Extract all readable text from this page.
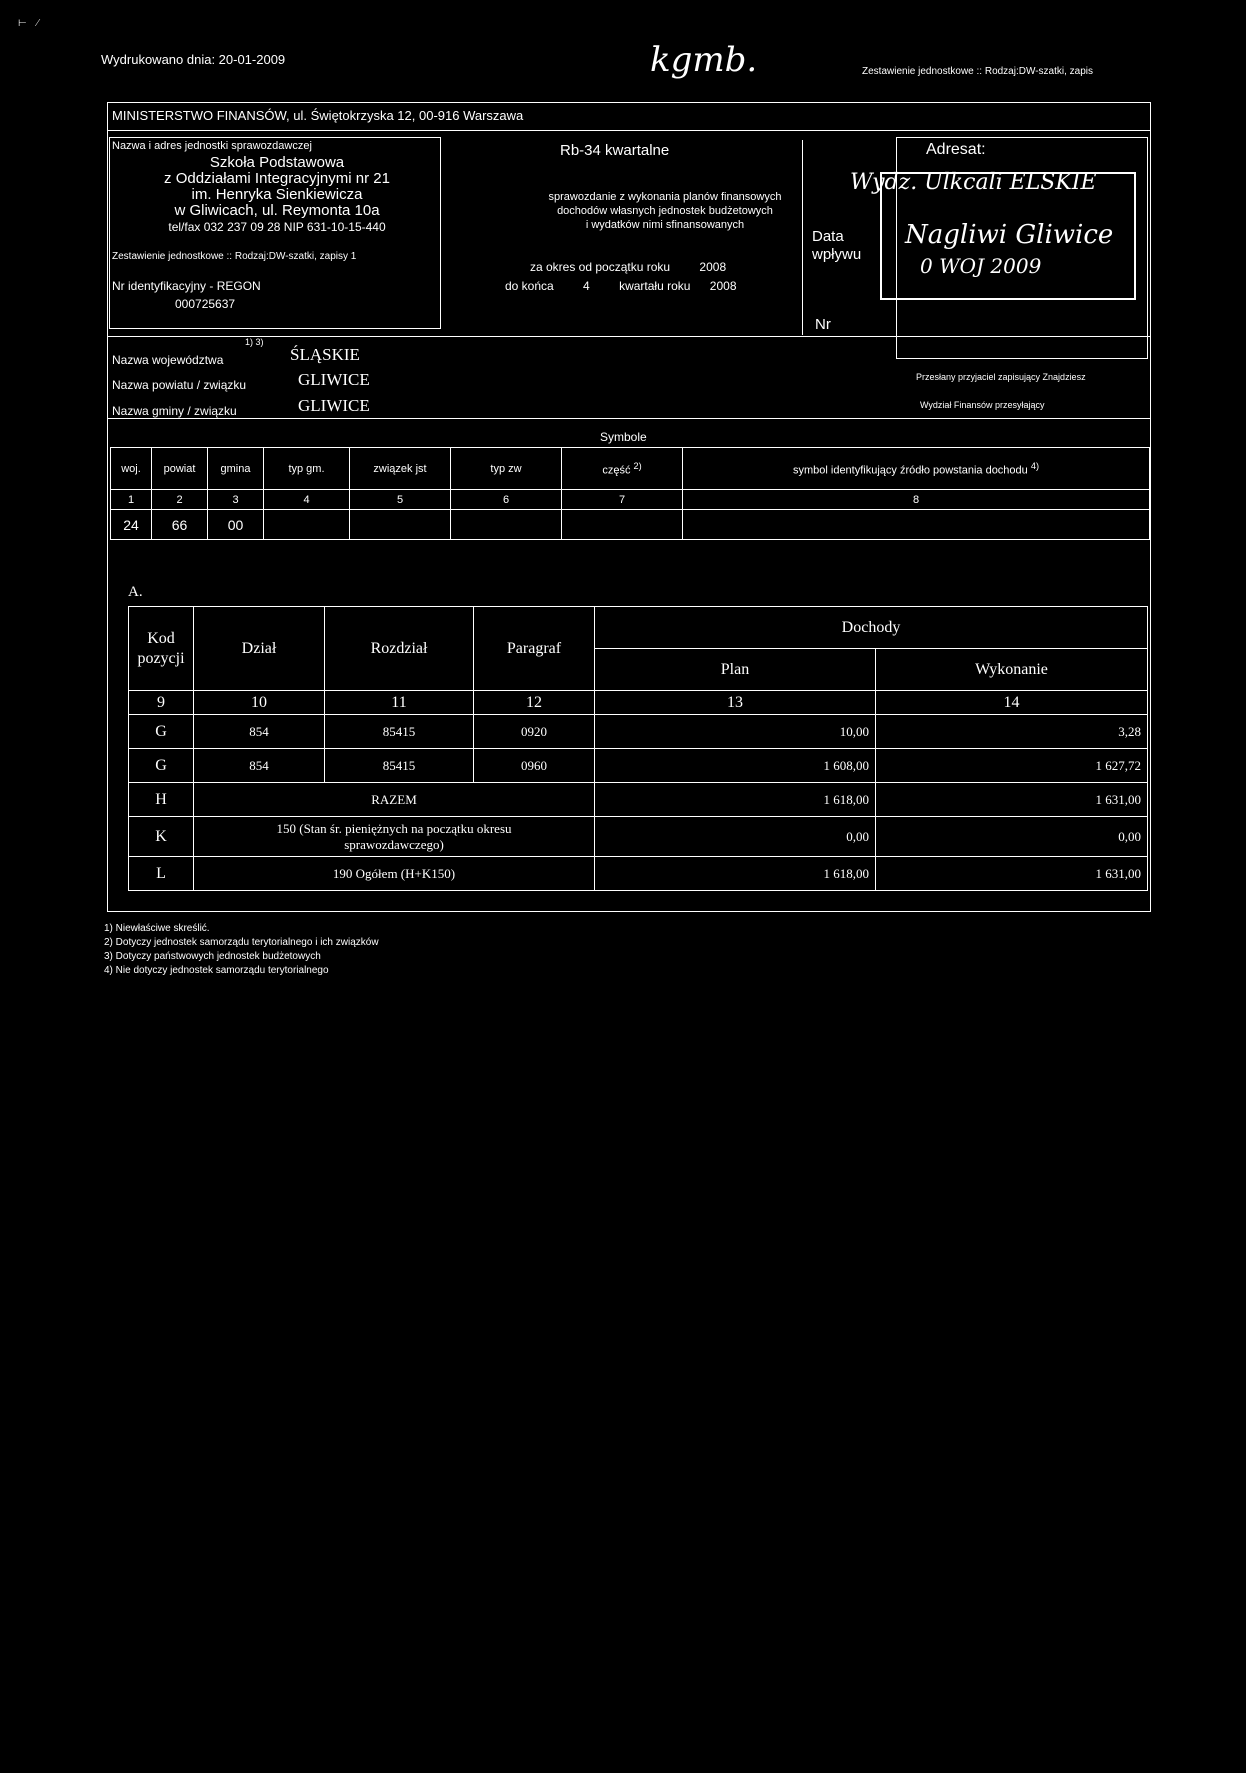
⊢    ⁄
Wydrukowano dnia: 20-01-2009	kgmb.	Zestawienie jednostkowe :: Rodzaj:DW-szatki, zapis
MINISTERSTWO FINANSÓW, ul. Świętokrzyska 12, 00-916 Warszawa
Nazwa i adres jednostki sprawozdawczej
Szkoła Podstawowa
z Oddziałami Integracyjnymi nr 21
im. Henryka Sienkiewicza
w Gliwicach, ul. Reymonta 10a
tel/fax 032 237 09 28 NIP 631-10-15-440
Zestawienie jednostkowe :: Rodzaj:DW-szatki, zapisy 1
Nr identyfikacyjny - REGON
000725637
Rb-34 kwartalne
sprawozdanie z wykonania planów finansowych
dochodów własnych jednostek budżetowych
i wydatków nimi sfinansowanych
za okres od początku roku 2008
do końca 4 kwartału roku 2008
Data
wpływu
Nr
Adresat:
Wydz. Ulkcali ELSKIE
0 WOJ 2009
Nagliwi Gliwice
Przesłany przyjaciel zapisujący Znajdziesz
Wydział Finansów przesyłający
Nazwa województwa
1) 3)
ŚLĄSKIE
Nazwa powiatu / związku	GLIWICE
Nazwa gminy / związku	GLIWICE
Symbole
woj.	powiat	gmina	typ gm.	związek jst	typ zw	część $^{2)}$	symbol identyfikujący źródło powstania dochodu $^{4)}$
1	2	3	4	5	6	7	8
24	66	00					
A.
Kod pozycji	Dział	Rozdział	Paragraf	Dochody	
				Plan	Wykonanie
9	10	11	12	13	14
G	854	85415	0920	10,00	3,28
G	854	85415	0960	1 608,00	1 627,72
H	RAZEM			1 618,00	1 631,00
K	150 (Stan śr. pieniężnych na początku okresu sprawozdawczego)			0,00	0,00
L	190 Ogółem (H+K150)			1 618,00	1 631,00
1) Niewłaściwe skreślić.
2) Dotyczy jednostek samorządu terytorialnego i ich związków
3) Dotyczy państwowych jednostek budżetowych
4) Nie dotyczy jednostek samorządu terytorialnego
